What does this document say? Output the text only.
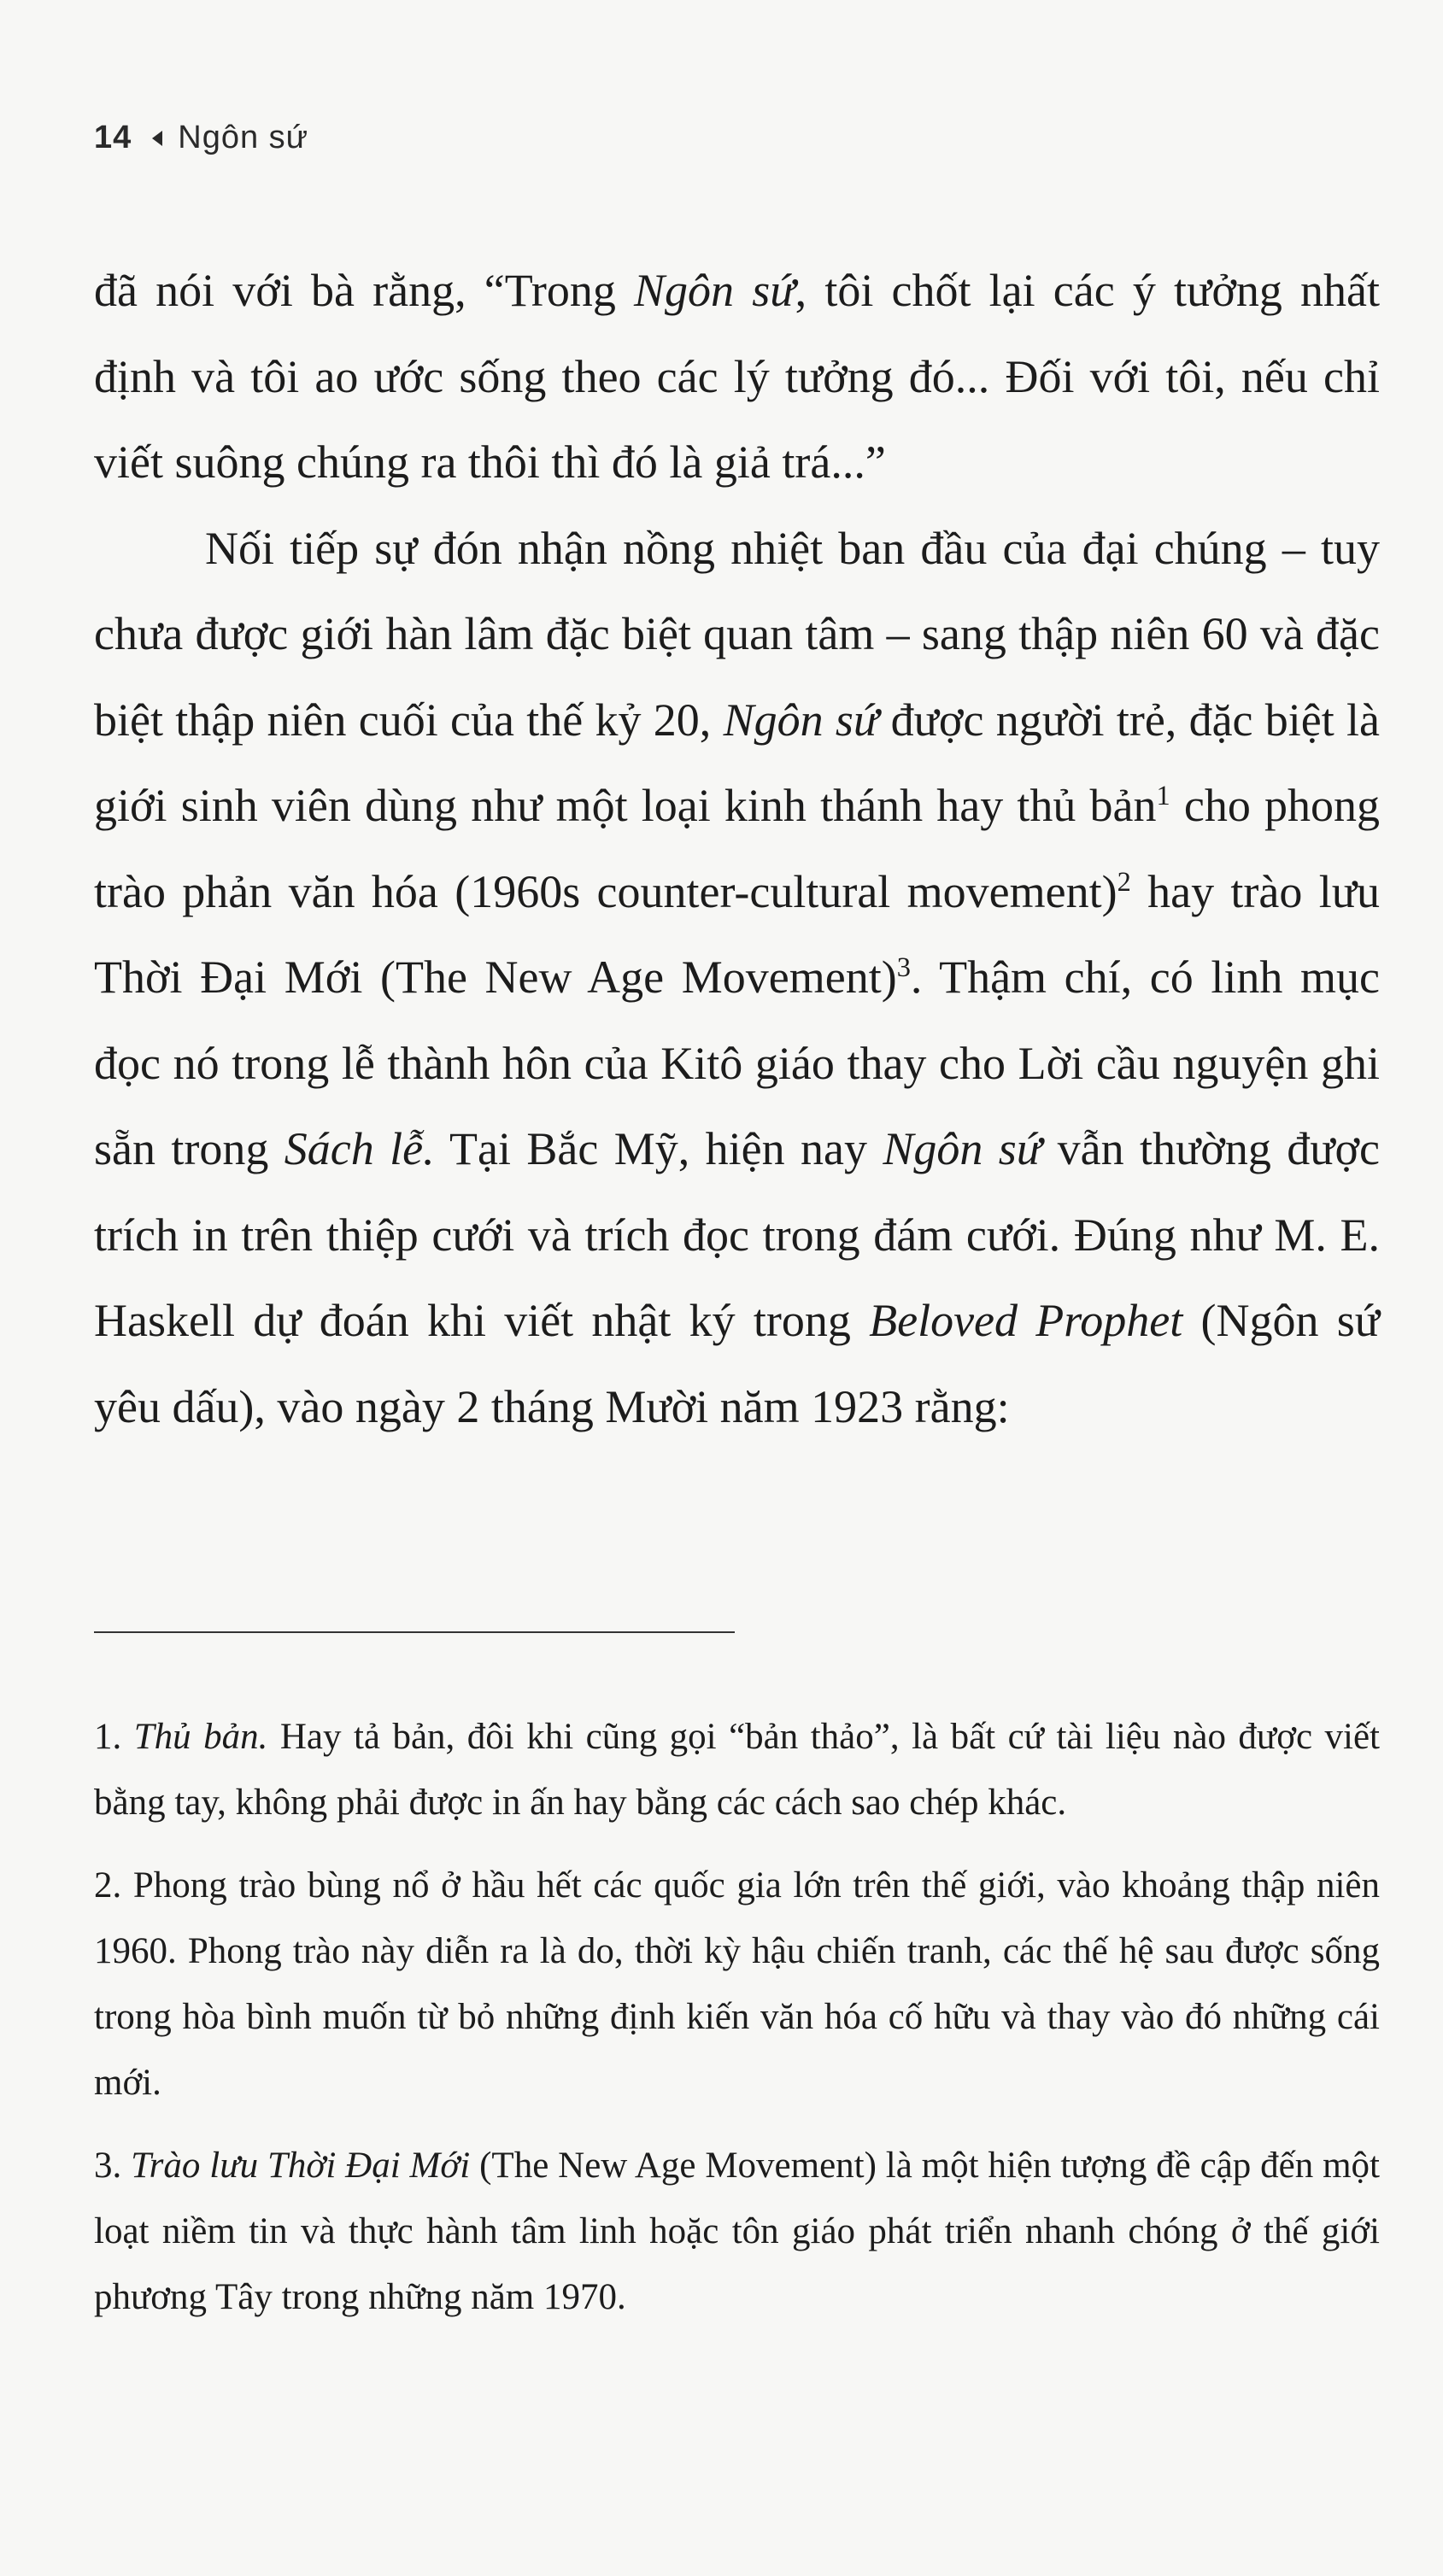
14 Ngôn sứ

đã nói với bà rằng, “Trong Ngôn sứ, tôi chốt lại các ý tưởng nhất định và tôi ao ước sống theo các lý tưởng đó... Đối với tôi, nếu chỉ viết suông chúng ra thôi thì đó là giả trá...”

Nối tiếp sự đón nhận nồng nhiệt ban đầu của đại chúng – tuy chưa được giới hàn lâm đặc biệt quan tâm – sang thập niên 60 và đặc biệt thập niên cuối của thế kỷ 20, Ngôn sứ được người trẻ, đặc biệt là giới sinh viên dùng như một loại kinh thánh hay thủ bản$^1$ cho phong trào phản văn hóa (1960s counter-cultural movement)$^2$ hay trào lưu Thời Đại Mới (The New Age Movement)$^3$. Thậm chí, có linh mục đọc nó trong lễ thành hôn của Kitô giáo thay cho Lời cầu nguyện ghi sẵn trong Sách lễ. Tại Bắc Mỹ, hiện nay Ngôn sứ vẫn thường được trích in trên thiệp cưới và trích đọc trong đám cưới. Đúng như M. E. Haskell dự đoán khi viết nhật ký trong Beloved Prophet (Ngôn sứ yêu dấu), vào ngày 2 tháng Mười năm 1923 rằng:

1. Thủ bản. Hay tả bản, đôi khi cũng gọi “bản thảo”, là bất cứ tài liệu nào được viết bằng tay, không phải được in ấn hay bằng các cách sao chép khác.

2. Phong trào bùng nổ ở hầu hết các quốc gia lớn trên thế giới, vào khoảng thập niên 1960. Phong trào này diễn ra là do, thời kỳ hậu chiến tranh, các thế hệ sau được sống trong hòa bình muốn từ bỏ những định kiến văn hóa cố hữu và thay vào đó những cái mới.

3. Trào lưu Thời Đại Mới (The New Age Movement) là một hiện tượng đề cập đến một loạt niềm tin và thực hành tâm linh hoặc tôn giáo phát triển nhanh chóng ở thế giới phương Tây trong những năm 1970.
